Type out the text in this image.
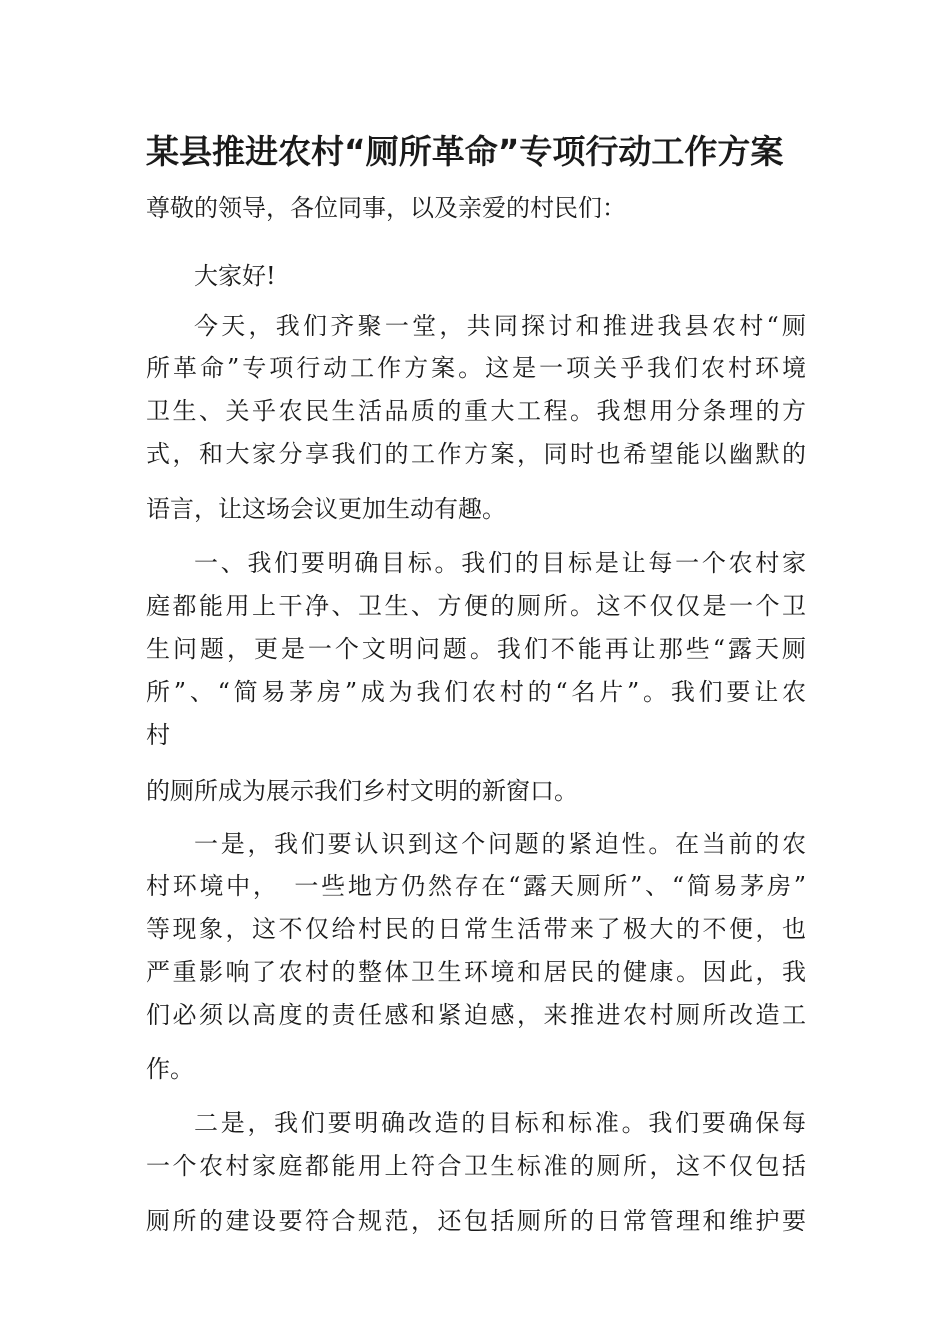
某县推进农村“厕所革命”专项行动工作方案

尊敬的领导，各位同事，以及亲爱的村民们：

大家好!

今天，我们齐聚一堂，共同探讨和推进我县农村“厕

所革命”专项行动工作方案。这是一项关乎我们农村环境

卫生、关乎农民生活品质的重大工程。我想用分条理的方

式，和大家分享我们的工作方案，同时也希望能以幽默的

语言，让这场会议更加生动有趣。

一、我们要明确目标。我们的目标是让每一个农村家

庭都能用上干净、卫生、方便的厕所。这不仅仅是一个卫

生问题，更是一个文明问题。我们不能再让那些“露天厕

所”、“简易茅房”成为我们农村的“名片”。我们要让农

村

的厕所成为展示我们乡村文明的新窗口。

一是，我们要认识到这个问题的紧迫性。在当前的农

村环境中，　一些地方仍然存在“露天厕所”、“简易茅房”

等现象，这不仅给村民的日常生活带来了极大的不便，也

严重影响了农村的整体卫生环境和居民的健康。因此，我

们必须以高度的责任感和紧迫感，来推进农村厕所改造工

作。

二是，我们要明确改造的目标和标准。我们要确保每

一个农村家庭都能用上符合卫生标准的厕所，这不仅包括

厕所的建设要符合规范，还包括厕所的日常管理和维护要
